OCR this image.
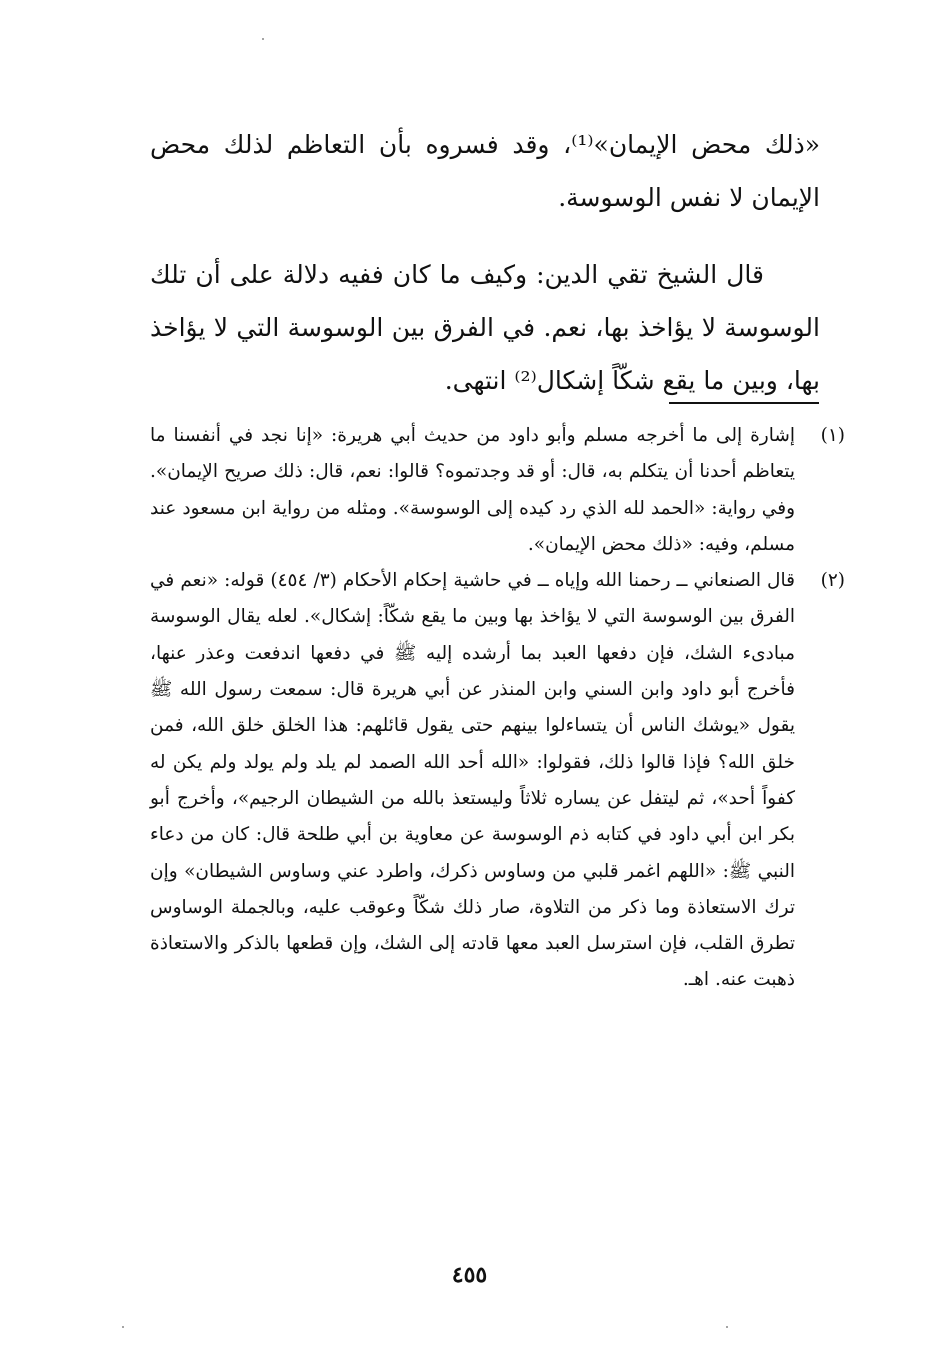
«ذلك محض الإيمان»⁽¹⁾، وقد فسروه بأن التعاظم لذلك محض الإيمان لا نفس الوسوسة.

قال الشيخ تقي الدين: وكيف ما كان ففيه دلالة على أن تلك الوسوسة لا يؤاخذ بها، نعم. في الفرق بين الوسوسة التي لا يؤاخذ بها، وبين ما يقع شكّاً إشكال⁽²⁾ انتهى.

(١)
إشارة إلى ما أخرجه مسلم وأبو داود من حديث أبي هريرة: «إنا نجد في أنفسنا ما يتعاظم أحدنا أن يتكلم به، قال: أو قد وجدتموه؟ قالوا: نعم، قال: ذلك صريح الإيمان». وفي رواية: «الحمد لله الذي رد كيده إلى الوسوسة». ومثله من رواية ابن مسعود عند مسلم، وفيه: «ذلك محض الإيمان».
(٢)
قال الصنعاني ــ رحمنا الله وإياه ــ في حاشية إحكام الأحكام (٣/ ٤٥٤) قوله: «نعم في الفرق بين الوسوسة التي لا يؤاخذ بها وبين ما يقع شكّاً: إشكال». لعله يقال الوسوسة مبادىء الشك، فإن دفعها العبد بما أرشده إليه ﷺ في دفعها اندفعت وعذر عنها، فأخرج أبو داود وابن السني وابن المنذر عن أبي هريرة قال: سمعت رسول الله ﷺ يقول «يوشك الناس أن يتساءلوا بينهم حتى يقول قائلهم: هذا الخلق خلق الله، فمن خلق الله؟ فإذا قالوا ذلك، فقولوا: «الله أحد الله الصمد لم يلد ولم يولد ولم يكن له كفواً أحد»، ثم ليتفل عن يساره ثلاثاً وليستعذ بالله من الشيطان الرجيم»، وأخرج أبو بكر ابن أبي داود في كتابه ذم الوسوسة عن معاوية بن أبي طلحة قال: كان من دعاء النبي ﷺ: «اللهم اغمر قلبي من وساوس ذكرك، واطرد عني وساوس الشيطان» وإن ترك الاستعاذة وما ذكر من التلاوة، صار ذلك شكّاً وعوقب عليه، وبالجملة الوساوس تطرق القلب، فإن استرسل العبد معها قادته إلى الشك، وإن قطعها بالذكر والاستعاذة ذهبت عنه. اهـ.
٤٥٥
